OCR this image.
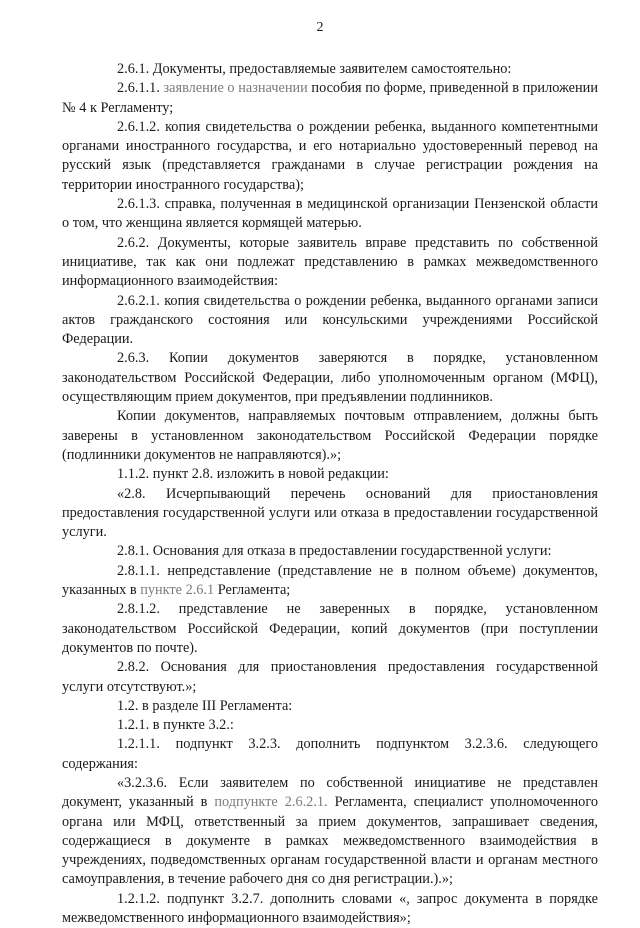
2

2.6.1. Документы, предоставляемые заявителем самостоятельно:

2.6.1.1. заявление о назначении пособия по форме, приведенной в приложении № 4 к Регламенту;

2.6.1.2. копия свидетельства о рождении ребенка, выданного компетентными органами иностранного государства, и его нотариально удостоверенный перевод на русский язык (представляется гражданами в случае регистрации рождения на территории иностранного государства);

2.6.1.3. справка, полученная в медицинской организации Пензенской области о том, что женщина является кормящей матерью.

2.6.2. Документы, которые заявитель вправе представить по собственной инициативе, так как они подлежат представлению в рамках межведомственного информационного взаимодействия:

2.6.2.1. копия свидетельства о рождении ребенка, выданного органами записи актов гражданского состояния или консульскими учреждениями Российской Федерации.

2.6.3. Копии документов заверяются в порядке, установленном законодательством Российской Федерации, либо уполномоченным органом (МФЦ), осуществляющим прием документов, при предъявлении подлинников.

Копии документов, направляемых почтовым отправлением, должны быть заверены в установленном законодательством Российской Федерации порядке (подлинники документов не направляются).»;

1.1.2. пункт 2.8. изложить в новой редакции:

«2.8. Исчерпывающий перечень оснований для приостановления предоставления государственной услуги или отказа в предоставлении государственной услуги.

2.8.1. Основания для отказа в предоставлении государственной услуги:

2.8.1.1. непредставление (представление не в полном объеме) документов, указанных в пункте 2.6.1 Регламента;

2.8.1.2. представление не заверенных в порядке, установленном законодательством Российской Федерации, копий документов (при поступлении документов по почте).

2.8.2. Основания для приостановления предоставления государственной услуги отсутствуют.»;

1.2. в разделе III Регламента:

1.2.1. в пункте 3.2.:

1.2.1.1. подпункт 3.2.3. дополнить подпунктом 3.2.3.6. следующего содержания:

«3.2.3.6. Если заявителем по собственной инициативе не представлен документ, указанный в подпункте 2.6.2.1. Регламента, специалист уполномоченного органа или МФЦ, ответственный за прием документов, запрашивает сведения, содержащиеся в документе в рамках межведомственного взаимодействия в учреждениях, подведомственных органам государственной власти и органам местного самоуправления, в течение рабочего дня со дня регистрации.).»;

1.2.1.2. подпункт 3.2.7. дополнить словами «, запрос документа в порядке межведомственного информационного взаимодействия»;
